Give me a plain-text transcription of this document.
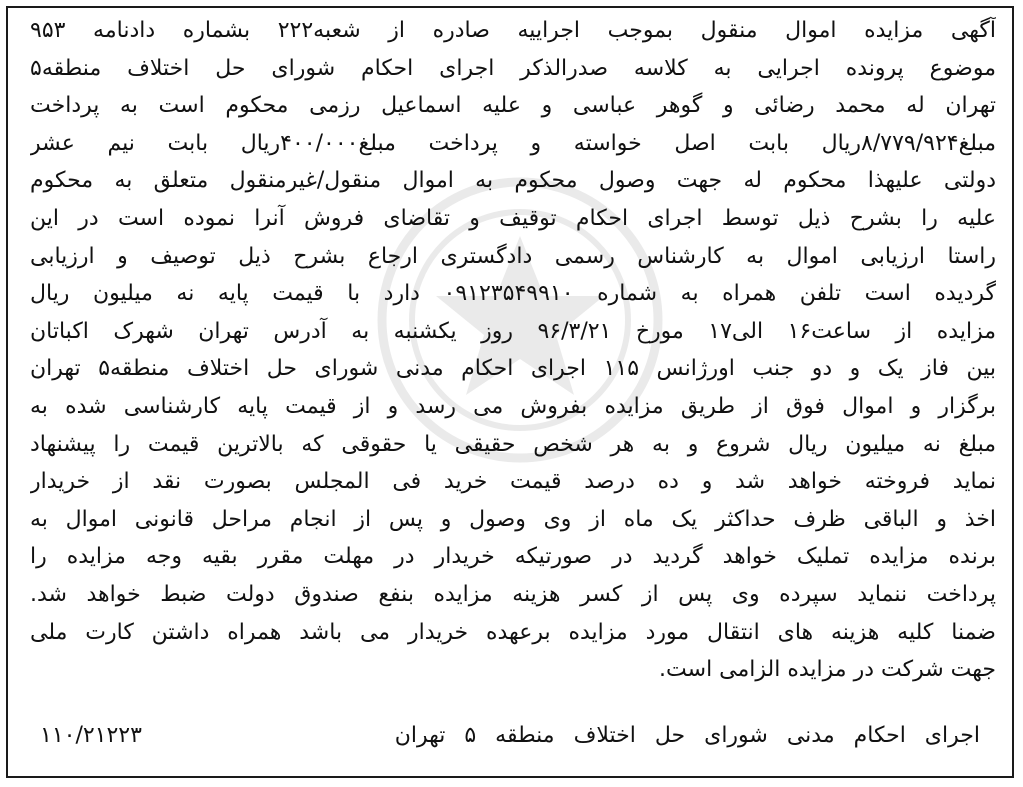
آگهی مزایده اموال منقول بموجب اجراییه صادره از شعبه۲۲۲ بشماره دادنامه ۹۵۳
موضوع پرونده اجرایی به کلاسه صدرالذکر اجرای احکام شورای حل اختلاف منطقه۵
تهران له محمد رضائی و گوهر عباسی و علیه اسماعیل رزمی محکوم است به پرداخت
مبلغ۸/۷۷۹/۹۲۴ریال بابت اصل خواسته و پرداخت مبلغ۴۰۰/۰۰۰ریال بابت نیم عشر
دولتی علیهذا محکوم له جهت وصول محکوم به اموال منقول/غیرمنقول متعلق به محکوم
علیه را بشرح ذیل توسط اجرای احکام توقیف و تقاضای فروش آنرا نموده است در این
راستا ارزیابی اموال به کارشناس رسمی دادگستری ارجاع بشرح ذیل توصیف و ارزیابی
گردیده است تلفن همراه به شماره ۰۹۱۲۳۵۴۹۹۱۰ دارد با قیمت پایه نه میلیون ریال
مزایده از ساعت۱۶ الی۱۷ مورخ ۹۶/۳/۲۱ روز یکشنبه به آدرس تهران شهرک اکباتان
بین فاز یک و دو جنب اورژانس ۱۱۵ اجرای احکام مدنی شورای حل اختلاف منطقه۵ تهران
برگزار و اموال فوق از طریق مزایده بفروش می رسد و از قیمت پایه کارشناسی شده به
مبلغ نه میلیون ریال شروع و به هر شخص حقیقی یا حقوقی که بالاترین قیمت را پیشنهاد
نماید فروخته خواهد شد و ده درصد قیمت خرید فی المجلس بصورت نقد از خریدار
اخذ و الباقی ظرف حداکثر یک ماه از وی وصول و پس از انجام مراحل قانونی اموال به
برنده مزایده تملیک خواهد گردید در صورتیکه خریدار در مهلت مقرر بقیه وجه مزایده را
پرداخت ننماید سپرده وی پس از کسر هزینه مزایده بنفع صندوق دولت ضبط خواهد شد.
ضمنا کلیه هزینه های انتقال مورد مزایده برعهده خریدار می باشد همراه داشتن کارت ملی
جهت شرکت در مزایده الزامی است.
اجرای احکام مدنی شورای حل اختلاف منطقه ۵ تهران
۱۱۰/۲۱۲۲۳
